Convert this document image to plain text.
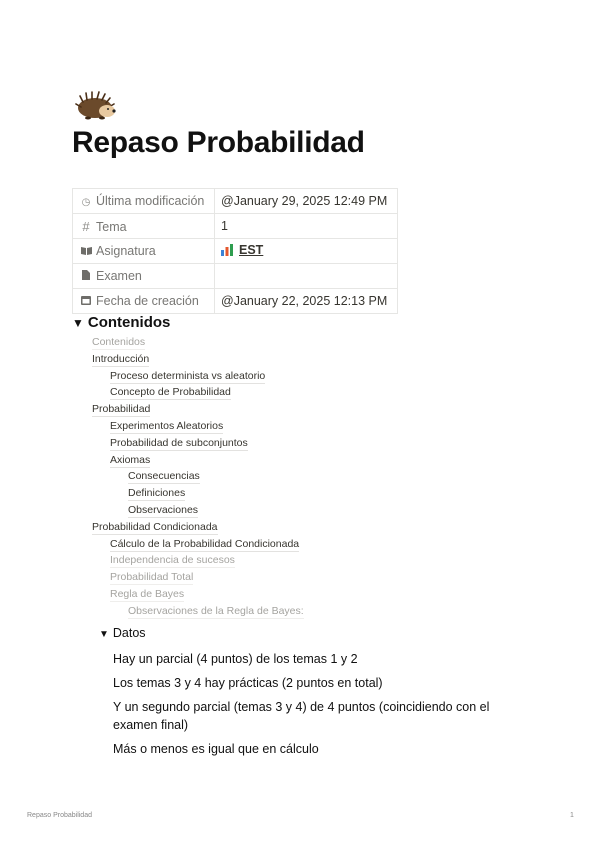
Repaso Probabilidad
◷ Última modificación	@January 29, 2025 12:49 PM
# Tema	1
Asignatura	EST
Examen	
Fecha de creación	@January 22, 2025 12:13 PM
▼ Contenidos
Contenidos
Introducción
Proceso determinista vs aleatorio
Concepto de Probabilidad
Probabilidad
Experimentos Aleatorios
Probabilidad de subconjuntos
Axiomas
Consecuencias
Definiciones
Observaciones
Probabilidad Condicionada
Cálculo de la Probabilidad Condicionada
Independencia de sucesos
Probabilidad Total
Regla de Bayes
Observaciones de la Regla de Bayes:
▼ Datos
Hay un parcial (4 puntos) de los temas 1 y 2
Los temas 3 y 4 hay prácticas (2 puntos en total)
Y un segundo parcial (temas 3 y 4) de 4 puntos (coincidiendo con el examen final)
Más o menos es igual que en cálculo
Repaso Probabilidad	1
